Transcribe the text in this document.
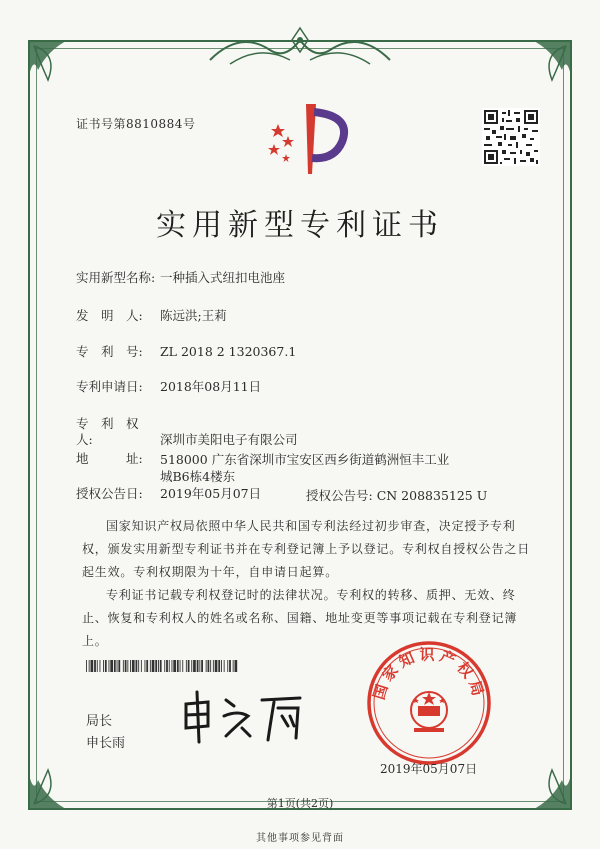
证书号第8810884号
实用新型专利证书
实用新型名称: 一种插入式纽扣电池座
发　明　人: 陈远洪;王莉
专　利　号: ZL 2018 2 1320367.1
专利申请日: 2018年08月11日
专　利　权　人:	深圳市美阳电子有限公司
地　　　址:	518000 广东省深圳市宝安区西乡街道鹤洲恒丰工业城B6栋4楼东
授权公告日: 2019年05月07日	授权公告号: CN 208835125 U
国家知识产权局依照中华人民共和国专利法经过初步审查，决定授予专利权，颁发实用新型专利证书并在专利登记簿上予以登记。专利权自授权公告之日起生效。专利权期限为十年，自申请日起算。
专利证书记载专利权登记时的法律状况。专利权的转移、质押、无效、终止、恢复和专利权人的姓名或名称、国籍、地址变更等事项记载在专利登记簿上。
局长
申长雨
国家知识产权局
2019年05月07日
第1页(共2页)
其他事项参见背面
